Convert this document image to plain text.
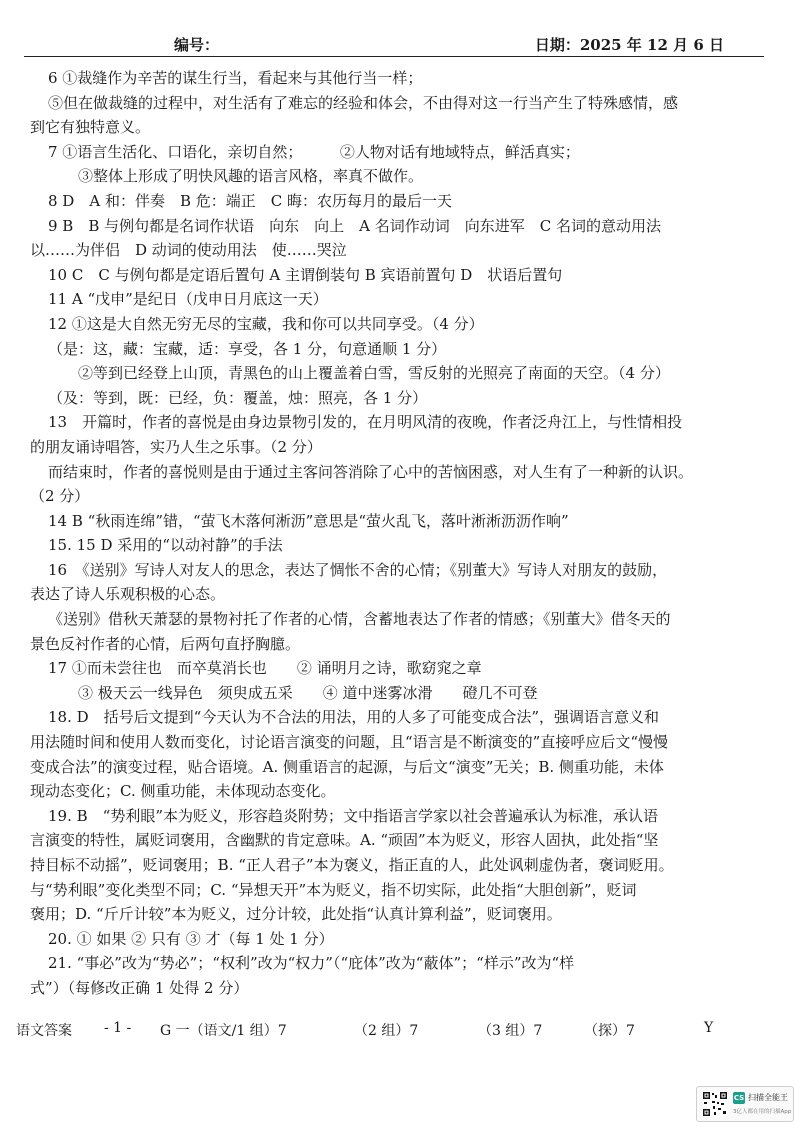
编号：	日期：2025 年 12 月 6 日
6 ①裁缝作为辛苦的谋生行当，看起来与其他行当一样；
⑤但在做裁缝的过程中，对生活有了难忘的经验和体会，不由得对这一行当产生了特殊感情，感
到它有独特意义。
7 ①语言生活化、口语化，亲切自然；　　　②人物对话有地域特点，鲜活真实；
③整体上形成了明快风趣的语言风格，率真不做作。
8 D　A 和：伴奏　B 危：端正　C 晦：农历每月的最后一天
9 B　B 与例句都是名词作状语　向东　向上　A 名词作动词　向东进军　C 名词的意动用法
以……为伴侣　D 动词的使动用法　使……哭泣
10 C　C 与例句都是定语后置句 A 主谓倒装句 B 宾语前置句 D　状语后置句
11 A “戊申”是纪日（戊申日月底这一天）
12 ①这是大自然无穷无尽的宝藏，我和你可以共同享受。（4 分）
（是：这，藏：宝藏，适：享受，各 1 分，句意通顺 1 分）
②等到已经登上山顶，青黑色的山上覆盖着白雪，雪反射的光照亮了南面的天空。（4 分）
（及：等到，既：已经，负：覆盖，烛：照亮，各 1 分）
13　开篇时，作者的喜悦是由身边景物引发的，在月明风清的夜晚，作者泛舟江上，与性情相投
的朋友诵诗唱答，实乃人生之乐事。（2 分）
而结束时，作者的喜悦则是由于通过主客问答消除了心中的苦恼困惑，对人生有了一种新的认识。
（2 分）
14 B “秋雨连绵”错，“萤飞木落何淅沥”意思是“萤火乱飞，落叶淅淅沥沥作响”
15. 15 D 采用的“以动衬静”的手法
16　《送别》写诗人对友人的思念，表达了惆怅不舍的心情；《别董大》写诗人对朋友的鼓励，
表达了诗人乐观积极的心态。
《送别》借秋天萧瑟的景物衬托了作者的心情，含蓄地表达了作者的情感；《别董大》借冬天的
景色反衬作者的心情，后两句直抒胸臆。
17 ①而未尝往也　而卒莫消长也　　② 诵明月之诗，歌窈窕之章
③ 极天云一线异色　须臾成五采　　④ 道中迷雾冰滑　　磴几不可登
18. D　括号后文提到“今天认为不合法的用法，用的人多了可能变成合法”，强调语言意义和
用法随时间和使用人数而变化，讨论语言演变的问题，且“语言是不断演变的”直接呼应后文“慢慢
变成合法”的演变过程，贴合语境。A. 侧重语言的起源，与后文“演变”无关；B. 侧重功能，未体
现动态变化；C. 侧重功能，未体现动态变化。
19. B　“势利眼”本为贬义，形容趋炎附势；文中指语言学家以社会普遍承认为标准，承认语
言演变的特性，属贬词褒用，含幽默的肯定意味。A. “顽固”本为贬义，形容人固执，此处指“坚
持目标不动摇”，贬词褒用；B. “正人君子”本为褒义，指正直的人，此处讽刺虚伪者，褒词贬用。
与“势利眼”变化类型不同；C. “异想天开”本为贬义，指不切实际，此处指“大胆创新”，贬词
褒用；D. “斤斤计较”本为贬义，过分计较，此处指“认真计算利益”，贬词褒用。
20. ① 如果 ② 只有 ③ 才（每 1 处 1 分）
21. “事必”改为“势必”；“权利”改为“权力”（“庇体”改为“蔽体”；“样示”改为“样
式”）（每修改正确 1 处得 2 分）
语文答案 - 1 - G 一（语文/1 组）7	（2 组）7	（3 组）7	（探）7	Y
CS 扫描全能王
3亿人都在用的扫描App
